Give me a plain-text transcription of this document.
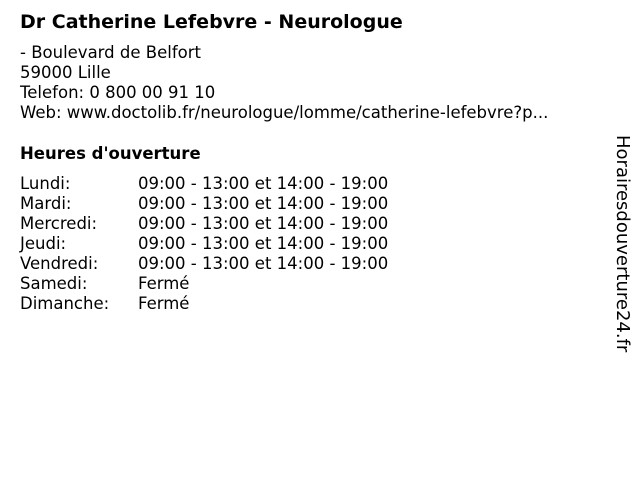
Dr Catherine Lefebvre - Neurologue
- Boulevard de Belfort
59000 Lille
Telefon: 0 800 00 91 10
Web: www.doctolib.fr/neurologue/lomme/catherine-lefebvre?p...
Heures d'ouverture
Lundi:	09:00 - 13:00 et 14:00 - 19:00
Mardi:	09:00 - 13:00 et 14:00 - 19:00
Mercredi: 09:00 - 13:00 et 14:00 - 19:00
Jeudi:	09:00 - 13:00 et 14:00 - 19:00
Vendredi: 09:00 - 13:00 et 14:00 - 19:00
Samedi:	Fermé
Dimanche: Fermé	Horairesdouverture24.fr
